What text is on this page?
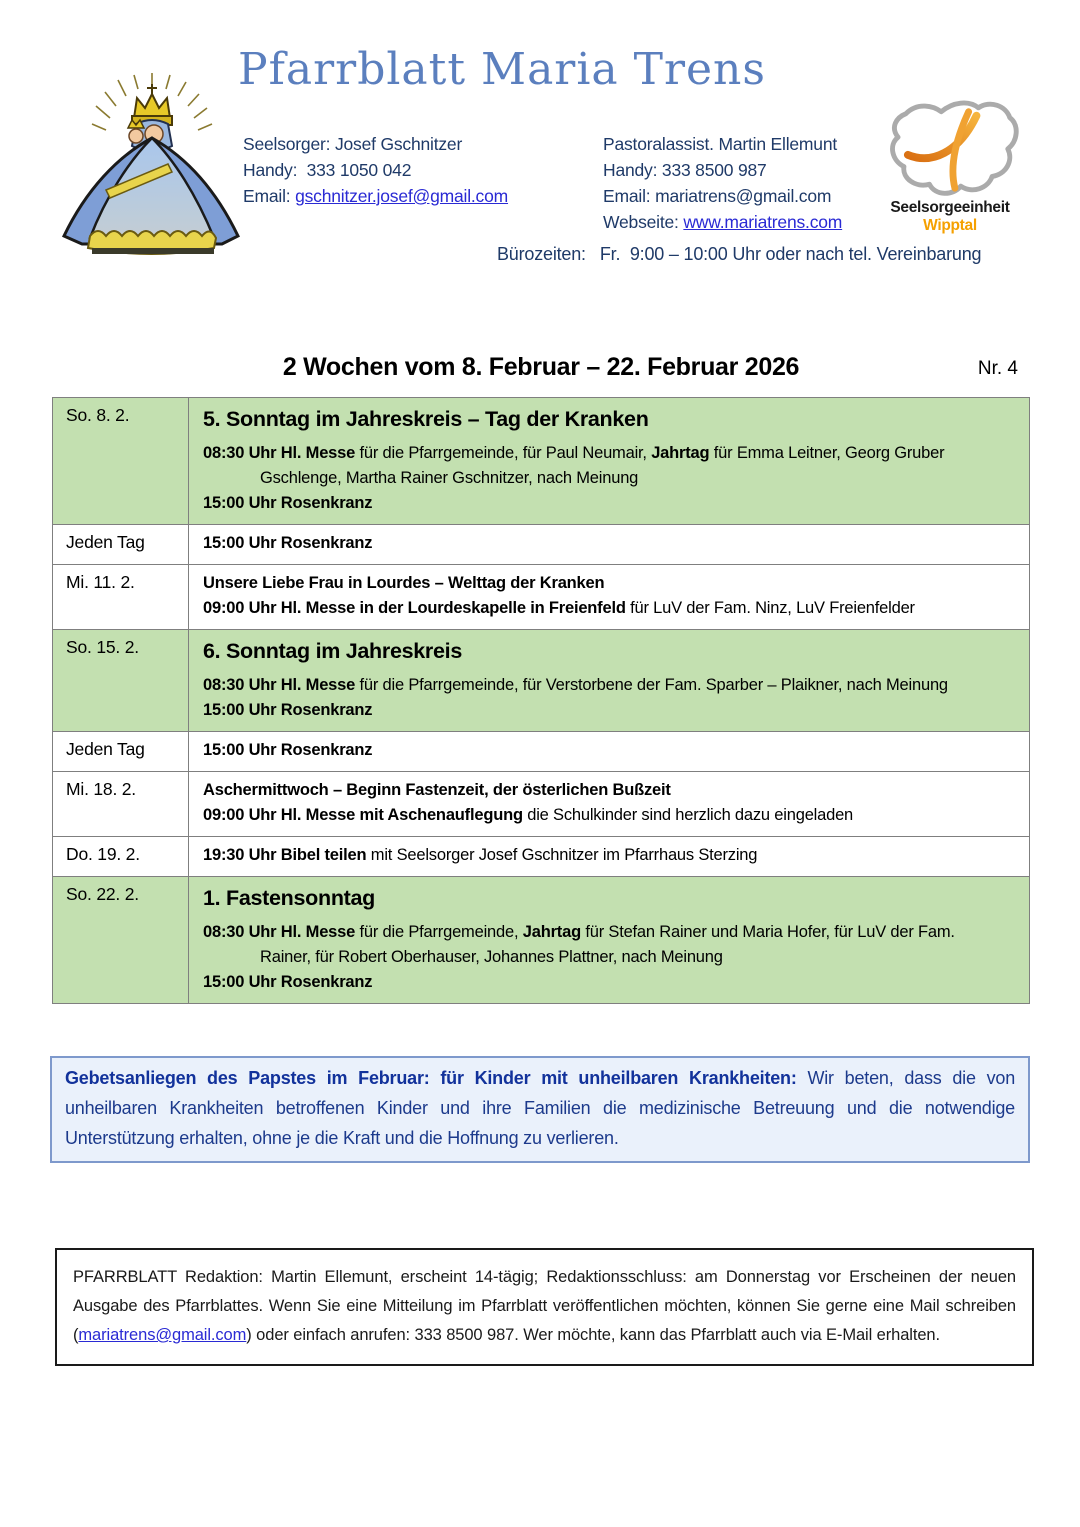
Pfarrblatt Maria Trens
Seelsorger: Josef Gschnitzer
Handy:  333 1050 042
Email: gschnitzer.josef@gmail.com
Pastoralassist. Martin Ellemunt
Handy: 333 8500 987
Email: mariatrens@gmail.com
Webseite: www.mariatrens.com
Seelsorgeeinheit Wipptal
Bürozeiten: Fr.  9:00 – 10:00 Uhr oder nach tel. Vereinbarung
2 Wochen vom 8. Februar – 22. Februar 2026	Nr. 4
So. 8. 2.	5. Sonntag im Jahreskreis – Tag der Kranken
08:30 Uhr Hl. Messe für die Pfarrgemeinde, für Paul Neumair, Jahrtag für Emma Leitner, Georg Gruber
Gschlenge, Martha Rainer Gschnitzer, nach Meinung
15:00 Uhr Rosenkranz

Jeden Tag	15:00 Uhr Rosenkranz

Mi. 11. 2.	Unsere Liebe Frau in Lourdes – Welttag der Kranken
09:00 Uhr Hl. Messe in der Lourdeskapelle in Freienfeld für LuV der Fam. Ninz, LuV Freienfelder

So. 15. 2.	6. Sonntag im Jahreskreis
08:30 Uhr Hl. Messe für die Pfarrgemeinde, für Verstorbene der Fam. Sparber – Plaikner, nach Meinung
15:00 Uhr Rosenkranz

Jeden Tag	15:00 Uhr Rosenkranz

Mi. 18. 2.	Aschermittwoch – Beginn Fastenzeit, der österlichen Bußzeit
09:00 Uhr Hl. Messe mit Aschenauflegung die Schulkinder sind herzlich dazu eingeladen

Do. 19. 2.	19:30 Uhr Bibel teilen mit Seelsorger Josef Gschnitzer im Pfarrhaus Sterzing

So. 22. 2.	1. Fastensonntag
08:30 Uhr Hl. Messe für die Pfarrgemeinde, Jahrtag für Stefan Rainer und Maria Hofer, für LuV der Fam.
Rainer, für Robert Oberhauser, Johannes Plattner, nach Meinung
15:00 Uhr Rosenkranz
Gebetsanliegen des Papstes im Februar: für Kinder mit unheilbaren Krankheiten: Wir beten, dass die von unheilbaren Krankheiten betroffenen Kinder und ihre Familien die medizinische Betreuung und die notwendige Unterstützung erhalten, ohne je die Kraft und die Hoffnung zu verlieren.
PFARRBLATT Redaktion: Martin Ellemunt, erscheint 14-tägig; Redaktionsschluss: am Donnerstag vor Erscheinen der neuen Ausgabe des Pfarrblattes. Wenn Sie eine Mitteilung im Pfarrblatt veröffentlichen möchten, können Sie gerne eine Mail schreiben (mariatrens@gmail.com) oder einfach anrufen: 333 8500 987. Wer möchte, kann das Pfarrblatt auch via E-Mail erhalten.
